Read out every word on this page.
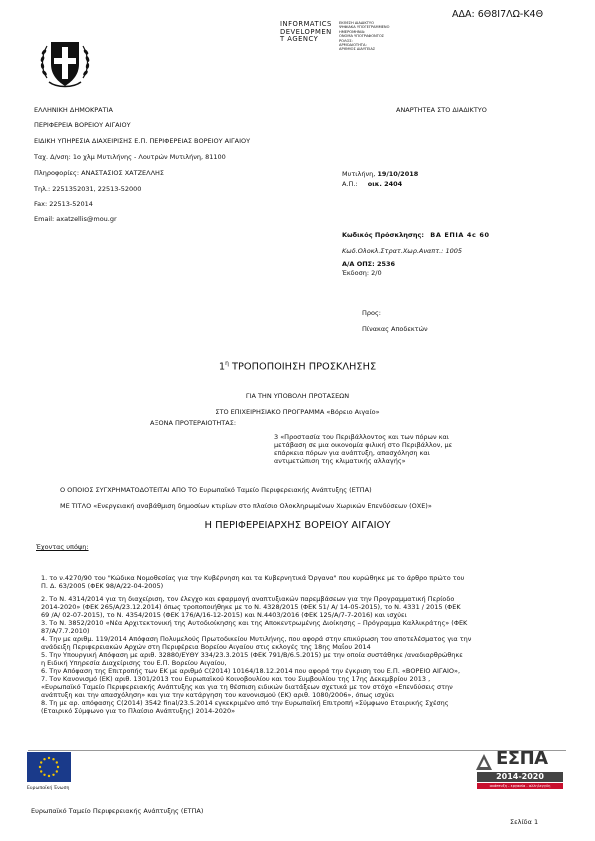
ΑΔΑ: 6Θ8Ι7ΛΩ-Κ4Θ
INFORMATICS
DEVELOPMEN
T AGENCY
ΕΚΘΕΣΗ ΔΙΑΔΙΚΤΥΟ
ΨΗΦΙΑΚΑ ΥΠΟΓΕΓΡΑΜΜΕΝΟ
ΗΜΕΡΟΜΗΝΙΑ:
ΟΝΟΜΑ ΥΠΟΓΡΑΦΟΝΤΟΣ
ΡΟΛΟΣ:
ΑΡΜΟΔΙΟΤΗΤΑ:
ΑΡΙΘΜΟΣ ΔΙΑΥΓΕΙΑΣ
ΕΛΛΗΝΙΚΗ ΔΗΜΟΚΡΑΤΙΑ
ΠΕΡΙΦΕΡΕΙΑ ΒΟΡΕΙΟΥ ΑΙΓΑΙΟΥ
ΕΙΔΙΚΗ ΥΠΗΡΕΣΙΑ ΔΙΑΧΕΙΡΙΣΗΣ Ε.Π. ΠΕΡΙΦΕΡΕΙΑΣ ΒΟΡΕΙΟΥ ΑΙΓΑΙΟΥ
Ταχ. Δ/νση: 1ο χλμ Μυτιλήνης - Λουτρών Μυτιλήνη, 81100
Πληροφορίες: ΑΝΑΣΤΑΣΙΟΣ ΧΑΤΖΕΛΛΗΣ
Τηλ.: 2251352031, 22513-52000
Fax: 22513-52014
Email: axatzellis@mou.gr
ΑΝΑΡΤΗΤΕΑ ΣΤΟ ΔΙΑΔΙΚΤΥΟ
Μυτιλήνη, 19/10/2018
Α.Π.: οικ. 2404
Κωδικός Πρόσκλησης: ΒΑ ΕΠΙΑ 4c 60
Κωδ.Ολοκλ.Στρατ.Χωρ.Αναπτ.: 1005
Α/Α ΟΠΣ: 2536
Έκδοση: 2/0
Προς:
Πίνακας Αποδεκτών
$1^\eta$ ΤΡΟΠΟΠΟΙΗΣΗ ΠΡΟΣΚΛΗΣΗΣ
ΓΙΑ ΤΗΝ ΥΠΟΒΟΛΗ ΠΡΟΤΑΣΕΩΝ
ΣΤΟ ΕΠΙΧΕΙΡΗΣΙΑΚΟ ΠΡΟΓΡΑΜΜΑ «Βόρειο Αιγαίο»
ΑΞΟΝΑ ΠΡΟΤΕΡΑΙΟΤΗΤΑΣ:
3 «Προστασία του Περιβάλλοντος και των πόρων και
μετάβαση σε μια οικονομία φιλική στο Περιβάλλον, με
επάρκεια πόρων για ανάπτυξη, απασχόληση και
αντιμετώπιση της κλιματικής αλλαγής»
Ο ΟΠΟΙΟΣ ΣΥΓΧΡΗΜΑΤΟΔΟΤΕΙΤΑΙ ΑΠΟ ΤΟ Ευρωπαϊκό Ταμείο Περιφερειακής Ανάπτυξης (ΕΤΠΑ)
ΜΕ ΤΙΤΛΟ «Ενεργειακή αναβάθμιση δημοσίων κτιρίων στο πλαίσιο Ολοκληρωμένων Χωρικών Επενδύσεων (ΟΧΕ)»
Η ΠΕΡΙΦΕΡΕΙΑΡΧΗΣ ΒΟΡΕΙΟΥ ΑΙΓΑΙΟΥ
Έχοντας υπόψη:
1. το ν.4270/90 του "Κώδικα Νομοθεσίας για την Κυβέρνηση και τα Κυβερνητικά Όργανα" που κυρώθηκε με το άρθρο πρώτο του
Π. Δ. 63/2005 (ΦΕΚ 98/Α/22-04-2005)
2. Το Ν. 4314/2014 για τη διαχείριση, τον έλεγχο και εφαρμογή αναπτυξιακών παρεμβάσεων για την Προγραμματική Περίοδο
2014-2020» (ΦΕΚ 265/Α/23.12.2014) όπως τροποποιήθηκε με το Ν. 4328/2015 (ΦΕΚ 51/ Α/ 14-05-2015), το Ν. 4331 / 2015 (ΦΕΚ
69 /Α/ 02-07-2015), το Ν. 4354/2015 (ΦΕΚ 176/Α/16-12-2015) και Ν.4403/2016 (ΦΕΚ 125/Α/7-7-2016) και ισχύει
3. Το Ν. 3852/2010 «Νέα Αρχιτεκτονική της Αυτοδιοίκησης και της Αποκεντρωμένης Διοίκησης – Πρόγραμμα Καλλικράτης» (ΦΕΚ
87/Α/7.7.2010)
4. Την με αριθμ. 119/2014 Απόφαση Πολυμελούς Πρωτοδικείου Μυτιλήνης, που αφορά στην επικύρωση του αποτελέσματος για την
ανάδειξη Περιφερειακών Αρχών στη Περιφέρεια Βορείου Αιγαίου στις εκλογές της 18ης Μαΐου 2014
5. Την Υπουργική Απόφαση με αριθ. 32880/ΕΥΘΥ 334/23.3.2015 (ΦΕΚ 791/Β/6.5.2015) με την οποία συστάθηκε /αναδιαρθρώθηκε
η Ειδική Υπηρεσία Διαχείρισης του Ε.Π. Βορείου Αιγαίου,
6. Την Απόφαση της Επιτροπής των ΕΚ με αριθμό C(2014) 10164/18.12.2014 που αφορά την έγκριση του Ε.Π. «ΒΟΡΕΙΟ ΑΙΓΑΙΟ»,
7. Τον Κανονισμό (ΕΚ) αριθ. 1301/2013 του Ευρωπαϊκού Κοινοβουλίου και του Συμβουλίου της 17ης Δεκεμβρίου 2013 ,
«Ευρωπαϊκό Ταμείο Περιφερειακής Ανάπτυξης και για τη θέσπιση ειδικών διατάξεων σχετικά με τον στόχο «Επενδύσεις στην
ανάπτυξη και την απασχόληση» και για την κατάργηση του κανονισμού (ΕΚ) αριθ. 1080/2006», όπως ισχύει
8. Τη με αρ. απόφασης C(2014) 3542 final/23.5.2014 εγκεκριμένο από την Ευρωπαϊκή Επιτροπή «Σύμφωνο Εταιρικής Σχέσης
(Εταιρικό Σύμφωνο για το Πλαίσιο Ανάπτυξης) 2014-2020»
Ευρωπαϊκή Ένωση
ΕΣΠΑ
2014-2020
ανάπτυξη - εργασία - αλληλεγγύη
Ευρωπαϊκό Ταμείο Περιφερειακής Ανάπτυξης (ΕΤΠΑ)
Σελίδα 1
